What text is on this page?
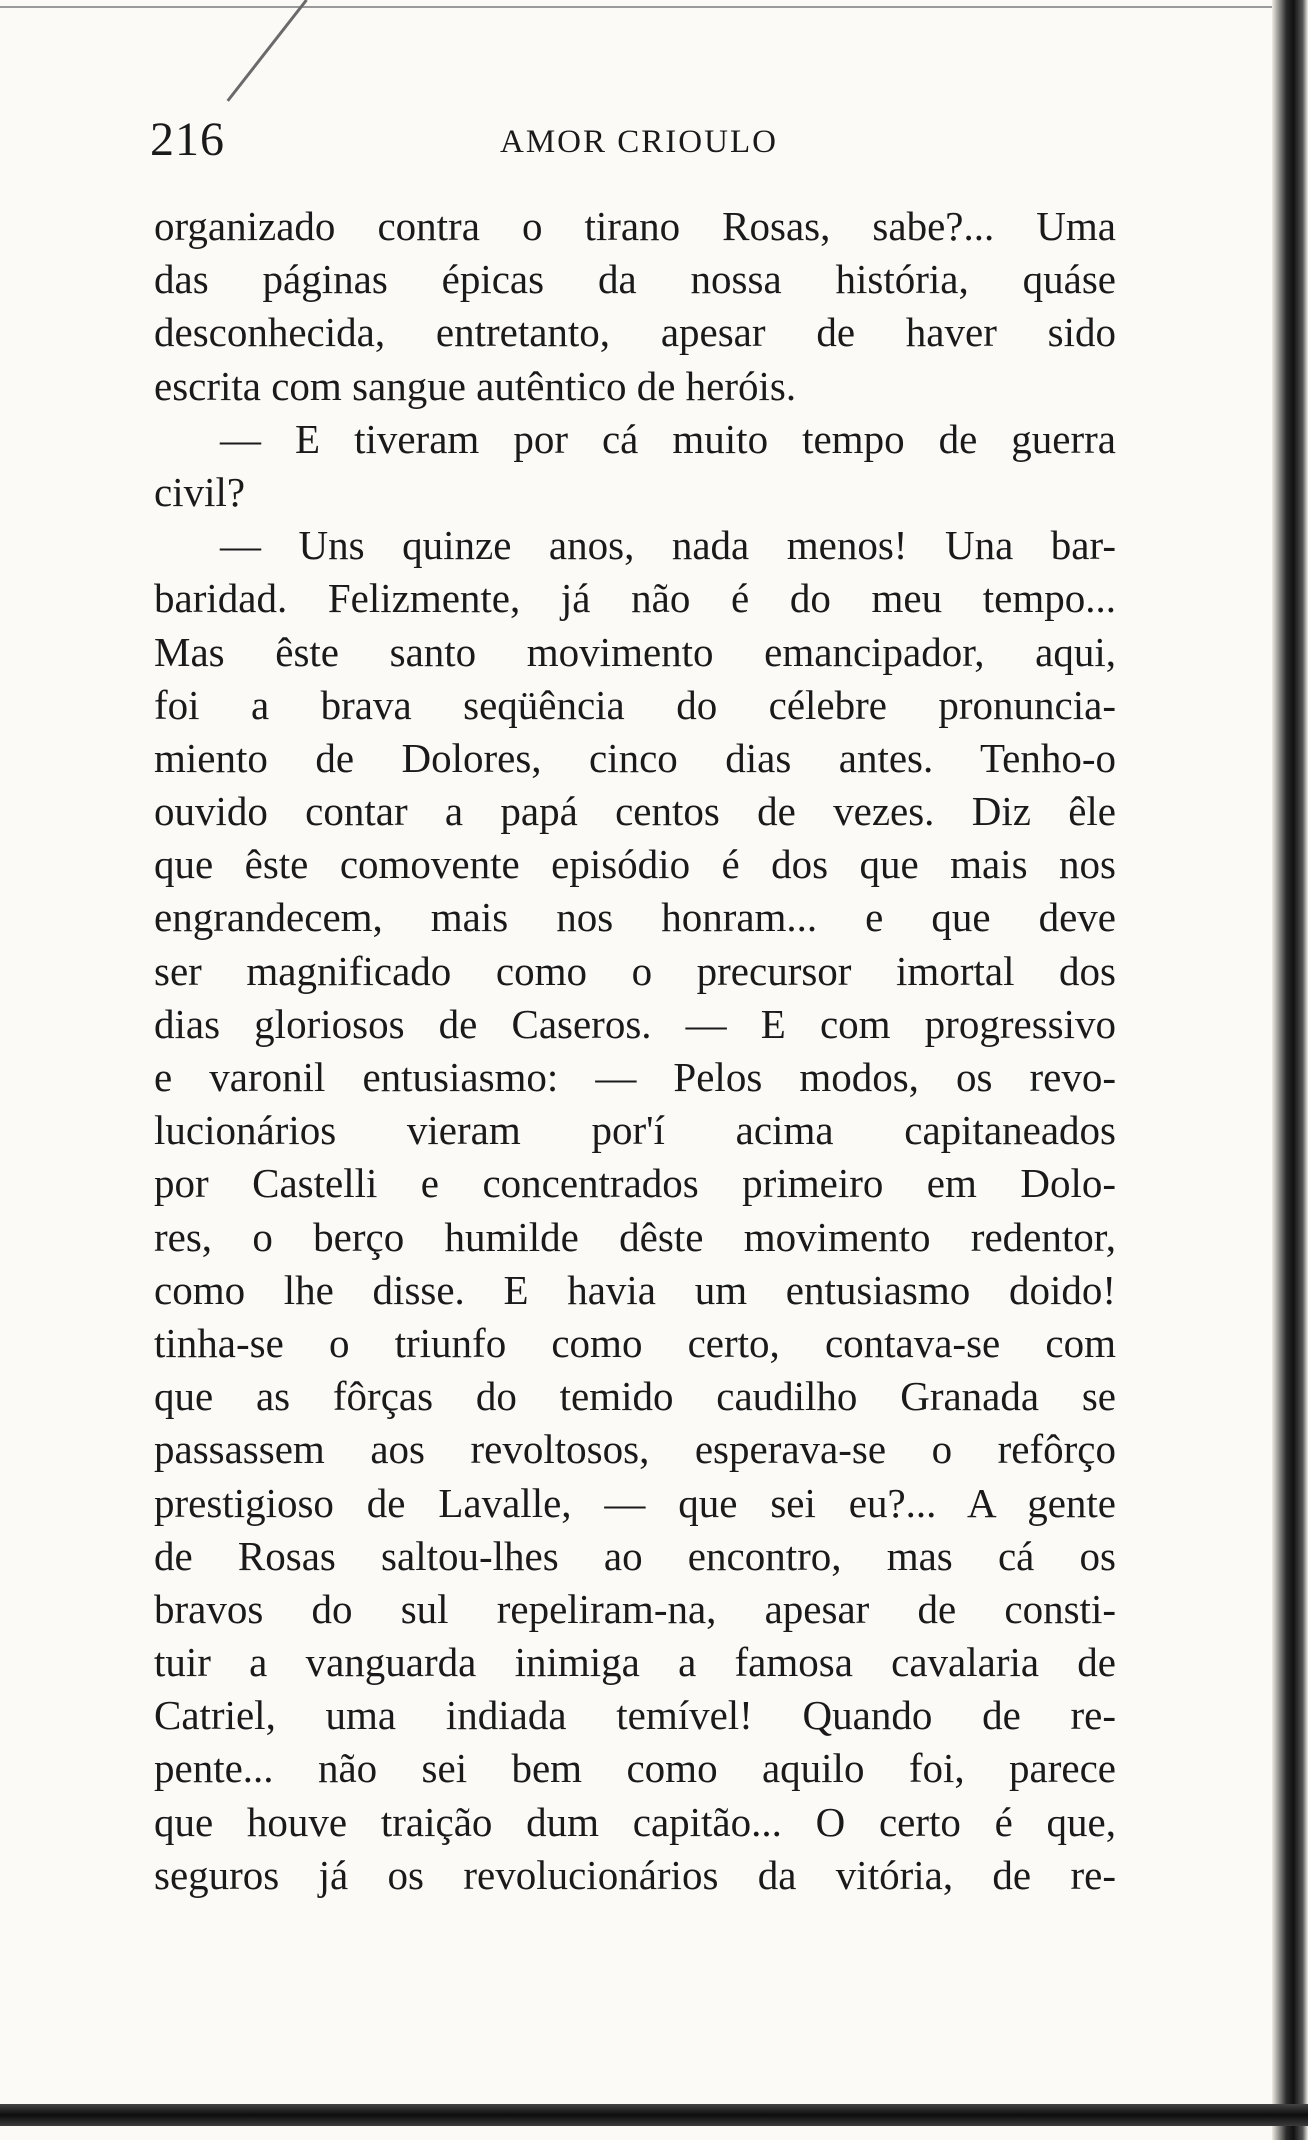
216	AMOR CRIOULO
organizado contra o tirano Rosas, sabe?... Uma
das páginas épicas da nossa história, quáse
desconhecida, entretanto, apesar de haver sido
escrita com sangue autêntico de heróis.
— E tiveram por cá muito tempo de guerra
civil?
— Uns quinze anos, nada menos! Una bar-
baridad. Felizmente, já não é do meu tempo...
Mas êste santo movimento emancipador, aqui,
foi a brava seqüência do célebre pronuncia-
miento de Dolores, cinco dias antes. Tenho-o
ouvido contar a papá centos de vezes. Diz êle
que êste comovente episódio é dos que mais nos
engrandecem, mais nos honram... e que deve
ser magnificado como o precursor imortal dos
dias gloriosos de Caseros. — E com progressivo
e varonil entusiasmo: — Pelos modos, os revo-
lucionários vieram por'í acima capitaneados
por Castelli e concentrados primeiro em Dolo-
res, o berço humilde dêste movimento redentor,
como lhe disse. E havia um entusiasmo doido!
tinha-se o triunfo como certo, contava-se com
que as fôrças do temido caudilho Granada se
passassem aos revoltosos, esperava-se o refôrço
prestigioso de Lavalle, — que sei eu?... A gente
de Rosas saltou-lhes ao encontro, mas cá os
bravos do sul repeliram-na, apesar de consti-
tuir a vanguarda inimiga a famosa cavalaria de
Catriel, uma indiada temível! Quando de re-
pente... não sei bem como aquilo foi, parece
que houve traição dum capitão... O certo é que,
seguros já os revolucionários da vitória, de re-
